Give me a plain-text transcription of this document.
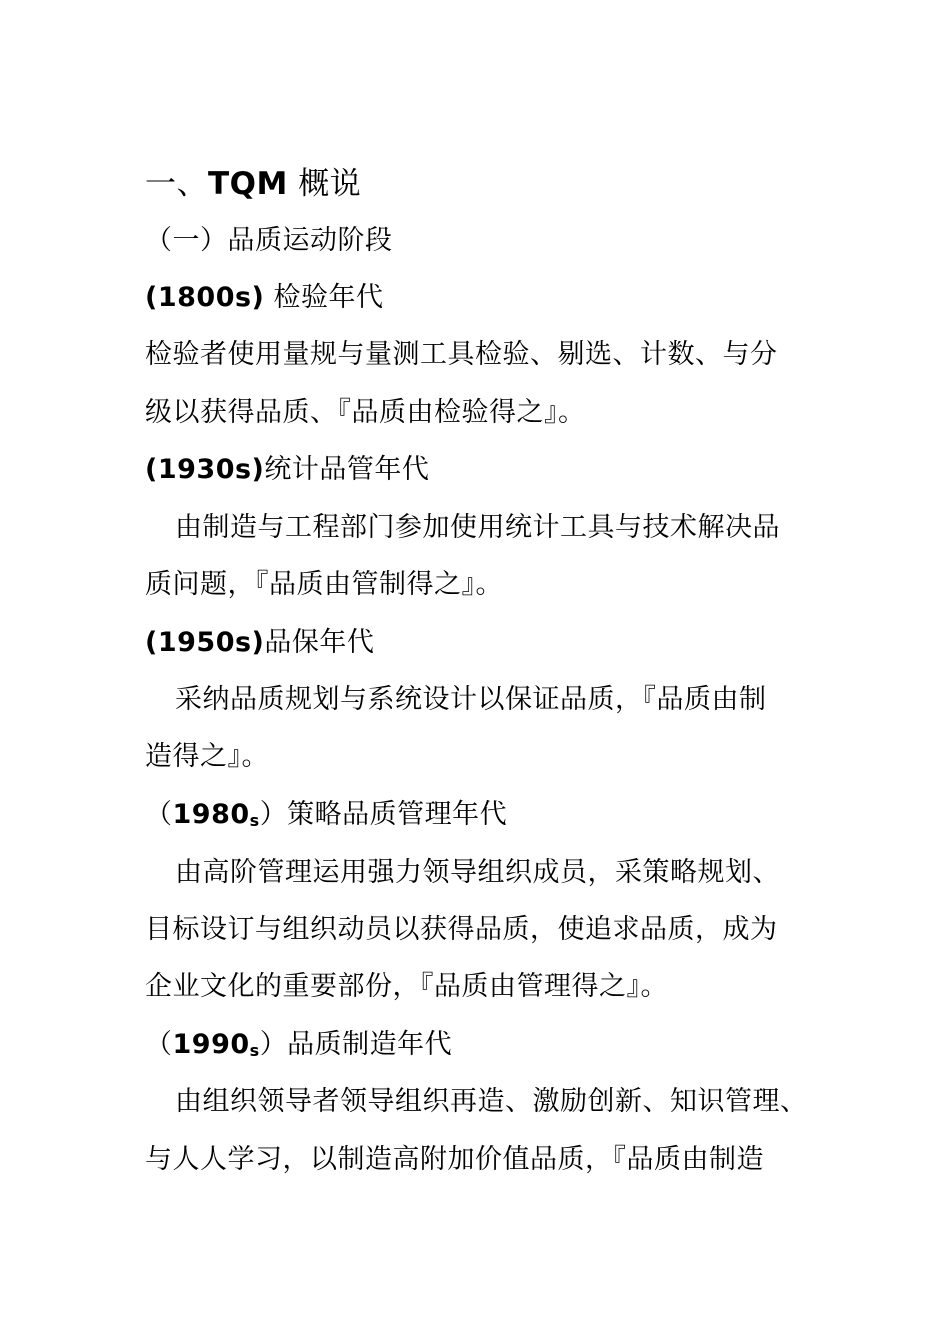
一、TQM 概说
（一）品质运动阶段
(1800s) 检验年代
检验者使用量规与量测工具检验、剔选、计数、与分
级以获得品质、『品质由检验得之』。
(1930s)统计品管年代
由制造与工程部门参加使用统计工具与技术解决品
质问题，『品质由管制得之』。
(1950s)品保年代
采纳品质规划与系统设计以保证品质，『品质由制
造得之』。
（1980s）策略品质管理年代
由高阶管理运用强力领导组织成员，采策略规划、
目标设订与组织动员以获得品质，使追求品质，成为
企业文化的重要部份，『品质由管理得之』。
（1990s）品质制造年代
由组织领导者领导组织再造、激励创新、知识管理、
与人人学习，以制造高附加价值品质，『品质由制造
